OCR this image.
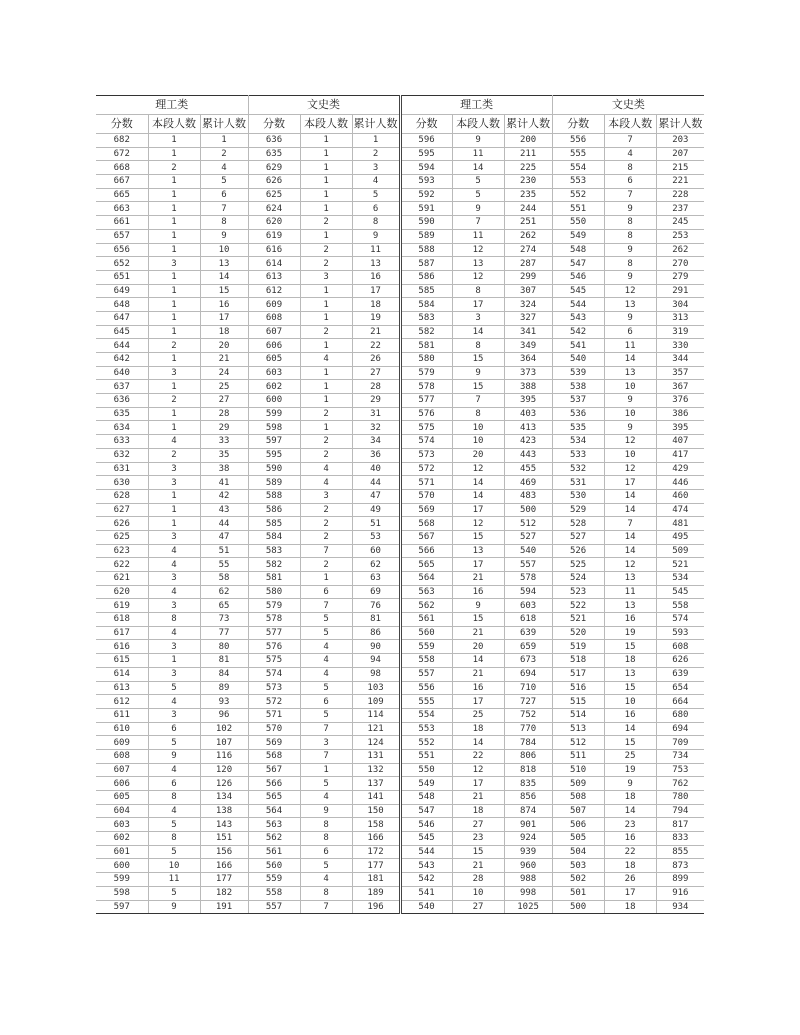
理工类			文史类			理工类			文史类		
分数	本段人数	累计人数	分数	本段人数	累计人数	分数	本段人数	累计人数	分数	本段人数	累计人数
682	1	1	636	1	1	596	9	200	556	7	203
672	1	2	635	1	2	595	11	211	555	4	207
668	2	4	629	1	3	594	14	225	554	8	215
667	1	5	626	1	4	593	5	230	553	6	221
665	1	6	625	1	5	592	5	235	552	7	228
663	1	7	624	1	6	591	9	244	551	9	237
661	1	8	620	2	8	590	7	251	550	8	245
657	1	9	619	1	9	589	11	262	549	8	253
656	1	10	616	2	11	588	12	274	548	9	262
652	3	13	614	2	13	587	13	287	547	8	270
651	1	14	613	3	16	586	12	299	546	9	279
649	1	15	612	1	17	585	8	307	545	12	291
648	1	16	609	1	18	584	17	324	544	13	304
647	1	17	608	1	19	583	3	327	543	9	313
645	1	18	607	2	21	582	14	341	542	6	319
644	2	20	606	1	22	581	8	349	541	11	330
642	1	21	605	4	26	580	15	364	540	14	344
640	3	24	603	1	27	579	9	373	539	13	357
637	1	25	602	1	28	578	15	388	538	10	367
636	2	27	600	1	29	577	7	395	537	9	376
635	1	28	599	2	31	576	8	403	536	10	386
634	1	29	598	1	32	575	10	413	535	9	395
633	4	33	597	2	34	574	10	423	534	12	407
632	2	35	595	2	36	573	20	443	533	10	417
631	3	38	590	4	40	572	12	455	532	12	429
630	3	41	589	4	44	571	14	469	531	17	446
628	1	42	588	3	47	570	14	483	530	14	460
627	1	43	586	2	49	569	17	500	529	14	474
626	1	44	585	2	51	568	12	512	528	7	481
625	3	47	584	2	53	567	15	527	527	14	495
623	4	51	583	7	60	566	13	540	526	14	509
622	4	55	582	2	62	565	17	557	525	12	521
621	3	58	581	1	63	564	21	578	524	13	534
620	4	62	580	6	69	563	16	594	523	11	545
619	3	65	579	7	76	562	9	603	522	13	558
618	8	73	578	5	81	561	15	618	521	16	574
617	4	77	577	5	86	560	21	639	520	19	593
616	3	80	576	4	90	559	20	659	519	15	608
615	1	81	575	4	94	558	14	673	518	18	626
614	3	84	574	4	98	557	21	694	517	13	639
613	5	89	573	5	103	556	16	710	516	15	654
612	4	93	572	6	109	555	17	727	515	10	664
611	3	96	571	5	114	554	25	752	514	16	680
610	6	102	570	7	121	553	18	770	513	14	694
609	5	107	569	3	124	552	14	784	512	15	709
608	9	116	568	7	131	551	22	806	511	25	734
607	4	120	567	1	132	550	12	818	510	19	753
606	6	126	566	5	137	549	17	835	509	9	762
605	8	134	565	4	141	548	21	856	508	18	780
604	4	138	564	9	150	547	18	874	507	14	794
603	5	143	563	8	158	546	27	901	506	23	817
602	8	151	562	8	166	545	23	924	505	16	833
601	5	156	561	6	172	544	15	939	504	22	855
600	10	166	560	5	177	543	21	960	503	18	873
599	11	177	559	4	181	542	28	988	502	26	899
598	5	182	558	8	189	541	10	998	501	17	916
597	9	191	557	7	196	540	27	1025	500	18	934
